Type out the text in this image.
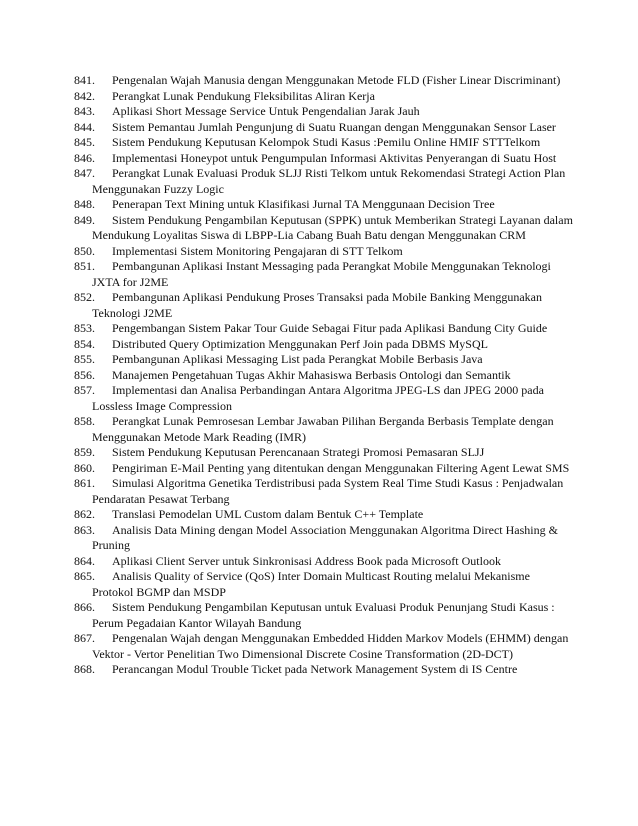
841.	Pengenalan Wajah Manusia dengan Menggunakan Metode FLD (Fisher Linear Discriminant)

842.	Perangkat Lunak Pendukung Fleksibilitas Aliran Kerja

843.	Aplikasi Short Message Service Untuk Pengendalian Jarak Jauh

844.	Sistem Pemantau Jumlah Pengunjung di Suatu Ruangan dengan Menggunakan Sensor Laser

845.	Sistem Pendukung Keputusan Kelompok Studi Kasus :Pemilu Online HMIF STTTelkom

846.	Implementasi Honeypot untuk Pengumpulan Informasi Aktivitas Penyerangan di Suatu Host

847.	Perangkat Lunak Evaluasi Produk SLJJ Risti Telkom untuk Rekomendasi Strategi Action Plan Menggunakan Fuzzy Logic

848.	Penerapan Text Mining untuk Klasifikasi Jurnal TA Menggunaan Decision Tree

849.	Sistem Pendukung Pengambilan Keputusan (SPPK) untuk Memberikan Strategi Layanan dalam Mendukung Loyalitas Siswa di LBPP-Lia Cabang Buah Batu dengan Menggunakan CRM

850.	Implementasi Sistem Monitoring Pengajaran di STT Telkom

851.	Pembangunan Aplikasi Instant Messaging pada Perangkat Mobile Menggunakan Teknologi JXTA for J2ME

852.	Pembangunan Aplikasi Pendukung Proses Transaksi pada Mobile Banking Menggunakan Teknologi J2ME

853.	Pengembangan Sistem Pakar Tour Guide Sebagai Fitur pada Aplikasi Bandung City Guide

854.	Distributed Query Optimization Menggunakan Perf Join pada DBMS MySQL

855.	Pembangunan Aplikasi Messaging List pada Perangkat Mobile Berbasis Java

856.	Manajemen Pengetahuan Tugas Akhir Mahasiswa Berbasis Ontologi dan Semantik

857.	Implementasi dan Analisa Perbandingan Antara Algoritma JPEG-LS dan JPEG 2000 pada Lossless Image Compression

858.	Perangkat Lunak Pemrosesan Lembar Jawaban Pilihan Berganda Berbasis Template dengan Menggunakan Metode Mark Reading (IMR)

859.	Sistem Pendukung Keputusan Perencanaan Strategi Promosi Pemasaran SLJJ

860.	Pengiriman E-Mail Penting yang ditentukan dengan Menggunakan Filtering Agent Lewat SMS

861.	Simulasi Algoritma Genetika Terdistribusi pada System Real Time Studi Kasus : Penjadwalan Pendaratan Pesawat Terbang

862.	Translasi Pemodelan UML Custom dalam Bentuk C++ Template

863.	Analisis Data Mining dengan Model Association Menggunakan Algoritma Direct Hashing & Pruning

864.	Aplikasi Client Server untuk Sinkronisasi Address Book pada Microsoft Outlook

865.	Analisis Quality of Service (QoS) Inter Domain Multicast Routing melalui Mekanisme Protokol BGMP dan MSDP

866.	Sistem Pendukung Pengambilan Keputusan untuk Evaluasi Produk Penunjang Studi Kasus : Perum Pegadaian Kantor Wilayah Bandung

867.	Pengenalan Wajah dengan Menggunakan Embedded Hidden Markov Models (EHMM) dengan Vektor - Vertor Penelitian Two Dimensional Discrete Cosine Transformation (2D-DCT)

868.	Perancangan Modul Trouble Ticket pada Network Management System di IS Centre
